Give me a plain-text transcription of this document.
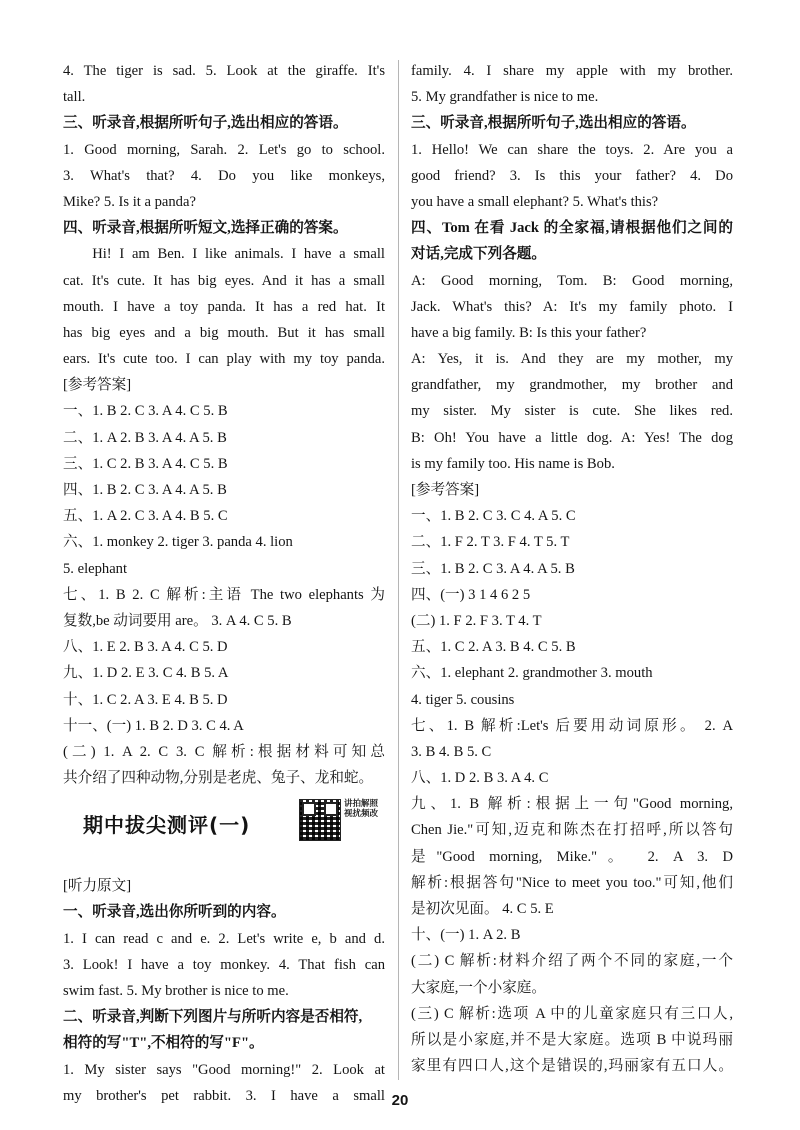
4. The tiger is sad. 5. Look at the giraffe. It's
tall.
三、听录音,根据所听句子,选出相应的答语。
1. Good morning, Sarah. 2. Let's go to school.
3. What's that? 4. Do you like monkeys,
Mike? 5. Is it a panda?
四、听录音,根据所听短文,选择正确的答案。
Hi! I am Ben. I like animals. I have a small
cat. It's cute. It has big eyes. And it has a small
mouth. I have a toy panda. It has a red hat. It
has big eyes and a big mouth. But it has small
ears. It's cute too. I can play with my toy panda.
[参考答案]
一、1. B 2. C 3. A 4. C 5. B
二、1. A 2. B 3. A 4. A 5. B
三、1. C 2. B 3. A 4. C 5. B
四、1. B 2. C 3. A 4. A 5. B
五、1. A 2. C 3. A 4. B 5. C
六、1. monkey 2. tiger 3. panda 4. lion
5. elephant
七、1. B 2. C 解析:主语 The two elephants 为
复数,be 动词要用 are。 3. A 4. C 5. B
八、1. E 2. B 3. A 4. C 5. D
九、1. D 2. E 3. C 4. B 5. A
十、1. C 2. A 3. E 4. B 5. D
十一、(一) 1. B 2. D 3. C 4. A
(二) 1. A 2. C 3. C 解析:根据材料可知总
共介绍了四种动物,分别是老虎、兔子、龙和蛇。
期中拔尖测评(一)
讲拍解照视扰频改
[听力原文]
一、听录音,选出你所听到的内容。
1. I can read c and e. 2. Let's write e, b and d.
3. Look! I have a toy monkey. 4. That fish can
swim fast. 5. My brother is nice to me.
二、听录音,判断下列图片与所听内容是否相符,
相符的写"T",不相符的写"F"。
1. My sister says "Good morning!" 2. Look at
my brother's pet rabbit. 3. I have a small
family. 4. I share my apple with my brother.
5. My grandfather is nice to me.
三、听录音,根据所听句子,选出相应的答语。
1. Hello! We can share the toys. 2. Are you a
good friend? 3. Is this your father? 4. Do
you have a small elephant? 5. What's this?
四、Tom 在看 Jack 的全家福,请根据他们之间的
对话,完成下列各题。
A: Good morning, Tom. B: Good morning,
Jack. What's this? A: It's my family photo. I
have a big family. B: Is this your father?
A: Yes, it is. And they are my mother, my
grandfather, my grandmother, my brother and
my sister. My sister is cute. She likes red.
B: Oh! You have a little dog. A: Yes! The dog
is my family too. His name is Bob.
[参考答案]
一、1. B 2. C 3. C 4. A 5. C
二、1. F 2. T 3. F 4. T 5. T
三、1. B 2. C 3. A 4. A 5. B
四、(一) 3 1 4 6 2 5
(二) 1. F 2. F 3. T 4. T
五、1. C 2. A 3. B 4. C 5. B
六、1. elephant 2. grandmother 3. mouth
4. tiger 5. cousins
七、1. B 解析:Let's 后要用动词原形。 2. A
3. B 4. B 5. C
八、1. D 2. B 3. A 4. C
九、1. B 解析:根据上一句"Good morning,
Chen Jie."可知,迈克和陈杰在打招呼,所以答句
是"Good morning, Mike."。 2. A 3. D
解析:根据答句"Nice to meet you too."可知,他们
是初次见面。 4. C 5. E
十、(一) 1. A 2. B
(二) C 解析:材料介绍了两个不同的家庭,一个
大家庭,一个小家庭。
(三) C 解析:选项 A 中的儿童家庭只有三口人,
所以是小家庭,并不是大家庭。选项 B 中说玛丽
家里有四口人,这个是错误的,玛丽家有五口人。
20
